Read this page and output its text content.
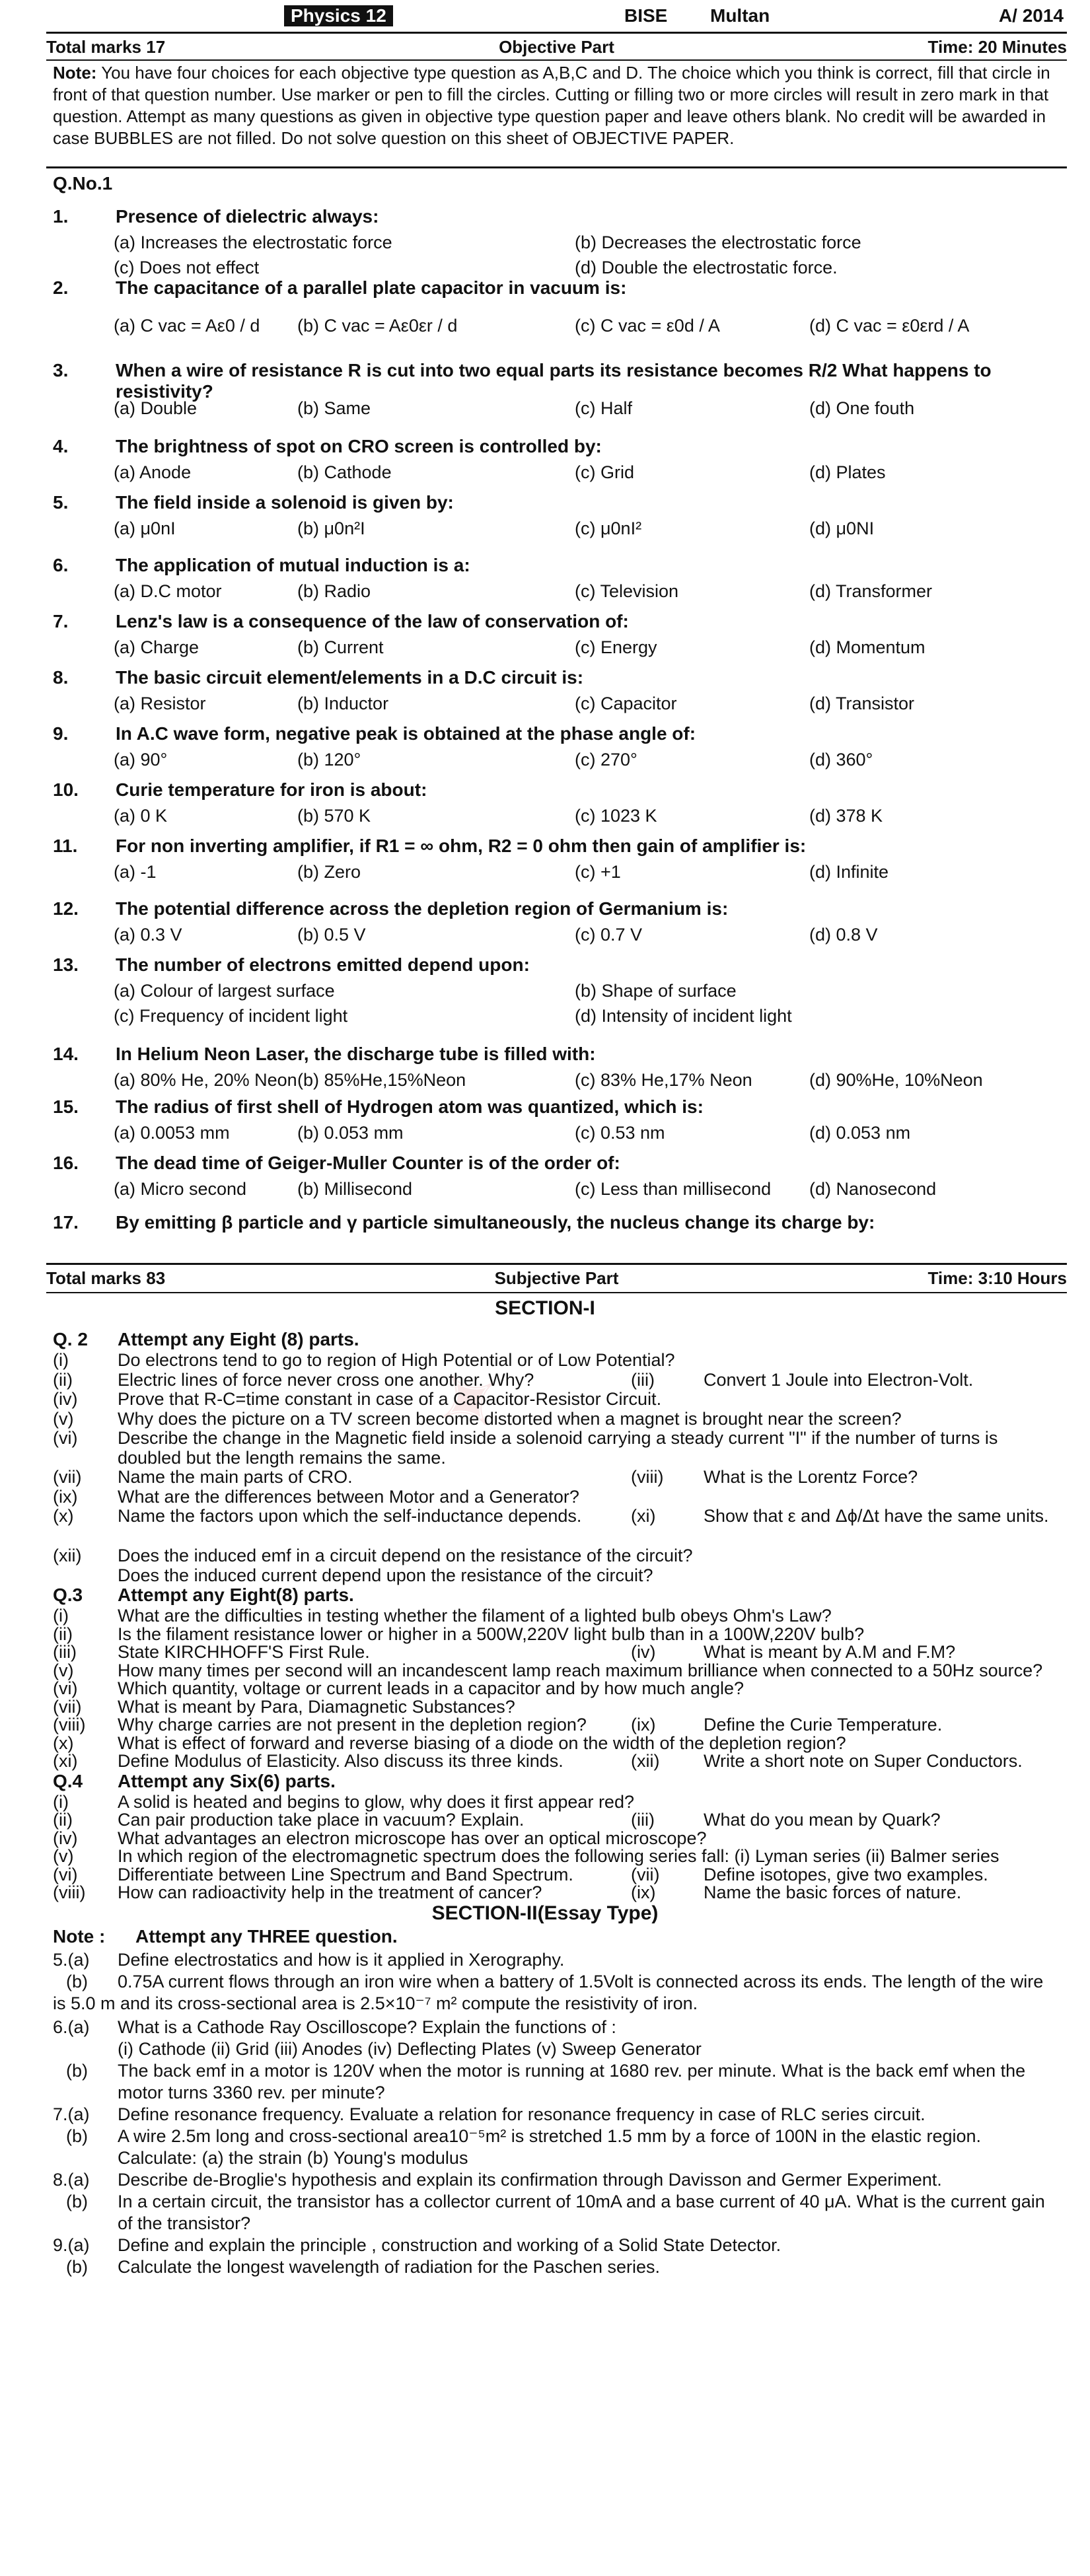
✦
Physics 12	BISE Multan	A/ 2014
Total marks 17	Objective Part	Time: 20 Minutes
Note: You have four choices for each objective type question as A,B,C and D. The choice which you think is correct, fill that circle in front of that question number. Use marker or pen to fill the circles. Cutting or filling two or more circles will result in zero mark in that question. Attempt as many questions as given in objective type question paper and leave others blank. No credit will be awarded in case BUBBLES are not filled. Do not solve question on this sheet of OBJECTIVE PAPER.
Q.No.1
1.	Presence of dielectric always:
(a) Increases the electrostatic force	(b) Decreases the electrostatic force
(c) Does not effect	(d) Double the electrostatic force.
2.	The capacitance of a parallel plate capacitor in vacuum is:
(a) C vac = Aε0 / d (b) C vac = Aε0εr / d	(c) C vac = ε0d / A	(d) C vac = ε0εrd / A
3.	When a wire of resistance R is cut into two equal parts its resistance becomes R/2 What happens to resistivity?
(a) Double	(b) Same	(c) Half	(d) One fouth
4.	The brightness of spot on CRO screen is controlled by:
(a) Anode	(b) Cathode	(c) Grid	(d) Plates
5.	The field inside a solenoid is given by:
(a) μ0nI	(b) μ0n²I	(c) μ0nI²	(d) μ0NI
6.	The application of mutual induction is a:
(a) D.C motor	(b) Radio	(c) Television	(d) Transformer
7.	Lenz's law is a consequence of the law of conservation of:
(a) Charge	(b) Current	(c) Energy	(d) Momentum
8.	The basic circuit element/elements in a D.C circuit is:
(a) Resistor	(b) Inductor	(c) Capacitor	(d) Transistor
9.	In A.C wave form, negative peak is obtained at the phase angle of:
(a) 90°	(b) 120°	(c) 270°	(d) 360°
10. Curie temperature for iron is about:
(a) 0 K	(b) 570 K	(c) 1023 K	(d) 378 K
11. For non inverting amplifier, if R1 = ∞ ohm, R2 = 0 ohm then gain of amplifier is:
(a) -1	(b) Zero	(c) +1	(d) Infinite
12. The potential difference across the depletion region of Germanium is:
(a) 0.3 V	(b) 0.5 V	(c) 0.7 V	(d) 0.8 V
13. The number of electrons emitted depend upon:
(a) Colour of largest surface	(b) Shape of surface
(c) Frequency of incident light	(d) Intensity of incident light
14. In Helium Neon Laser, the discharge tube is filled with:
(a) 80% He, 20% Neon (b) 85%He,15%Neon	(c) 83% He,17% Neon	(d) 90%He, 10%Neon
15. The radius of first shell of Hydrogen atom was quantized, which is:
(a) 0.0053 mm	(b) 0.053 mm	(c) 0.53 nm	(d) 0.053 nm
16. The dead time of Geiger-Muller Counter is of the order of:
(a) Micro second	(b) Millisecond	(c) Less than millisecond (d) Nanosecond
17. By emitting β particle and γ particle simultaneously, the nucleus change its charge by:
Total marks 83	Subjective Part	Time: 3:10 Hours
SECTION-I
Q. 2 Attempt any Eight (8) parts.
(i)	Do electrons tend to go to region of High Potential or of Low Potential?
(ii)	Electric lines of force never cross one another. Why?	(iii)	Convert 1 Joule into Electron-Volt.
(iv) Prove that R-C=time constant in case of a Capacitor-Resistor Circuit.
(v) Why does the picture on a TV screen become distorted when a magnet is brought near the screen?
(vi) Describe the change in the Magnetic field inside a solenoid carrying a steady current "I" if the number of turns is
doubled but the length remains the same.
(vii) Name the main parts of CRO.	(viii) What is the Lorentz Force?
(ix) What are the differences between Motor and a Generator?
(x) Name the factors upon which the self-inductance depends.	(xi)	Show that ε and Δϕ/Δt have the same units.
(xii) Does the induced emf in a circuit depend on the resistance of the circuit?
Does the induced current depend upon the resistance of the circuit?
Q.3 Attempt any Eight(8) parts.
(i)	What are the difficulties in testing whether the filament of a lighted bulb obeys Ohm's Law?
(ii)	Is the filament resistance lower or higher in a 500W,220V light bulb than in a 100W,220V bulb?
(iii) State KIRCHHOFF'S First Rule.	(iv)	What is meant by A.M and F.M?
(v) How many times per second will an incandescent lamp reach maximum brilliance when connected to a 50Hz source?
(vi) Which quantity, voltage or current leads in a capacitor and by how much angle?
(vii) What is meant by Para, Diamagnetic Substances?
(viii) Why charge carries are not present in the depletion region? (ix)	Define the Curie Temperature.
(x) What is effect of forward and reverse biasing of a diode on the width of the depletion region?
(xi) Define Modulus of Elasticity. Also discuss its three kinds.	(xii) Write a short note on Super Conductors.
Q.4 Attempt any Six(6) parts.
(i)	A solid is heated and begins to glow, why does it first appear red?
(ii)	Can pair production take place in vacuum? Explain.	(iii)	What do you mean by Quark?
(iv) What advantages an electron microscope has over an optical microscope?
(v) In which region of the electromagnetic spectrum does the following series fall: (i) Lyman series (ii) Balmer series
(vi) Differentiate between Line Spectrum and Band Spectrum.	(vii) Define isotopes, give two examples.
(viii) How can radioactivity help in the treatment of cancer?	(ix)	Name the basic forces of nature.
SECTION-II(Essay Type)
Note : Attempt any THREE question.
5.(a) Define electrostatics and how is it applied in Xerography.
(b) 0.75A current flows through an iron wire when a battery of 1.5Volt is connected across its ends. The length of the wire
is 5.0 m and its cross-sectional area is 2.5×10⁻⁷ m² compute the resistivity of iron.
6.(a) What is a Cathode Ray Oscilloscope? Explain the functions of :
(i) Cathode (ii) Grid (iii) Anodes (iv) Deflecting Plates (v) Sweep Generator
(b) The back emf in a motor is 120V when the motor is running at 1680 rev. per minute. What is the back emf when the
motor turns 3360 rev. per minute?
7.(a) Define resonance frequency. Evaluate a relation for resonance frequency in case of RLC series circuit.
(b) A wire 2.5m long and cross-sectional area10⁻⁵m² is stretched 1.5 mm by a force of 100N in the elastic region.
Calculate: (a) the strain (b) Young's modulus
8.(a) Describe de-Broglie's hypothesis and explain its confirmation through Davisson and Germer Experiment.
(b) In a certain circuit, the transistor has a collector current of 10mA and a base current of 40 μA. What is the current gain
of the transistor?
9.(a) Define and explain the principle , construction and working of a Solid State Detector.
(b) Calculate the longest wavelength of radiation for the Paschen series.
